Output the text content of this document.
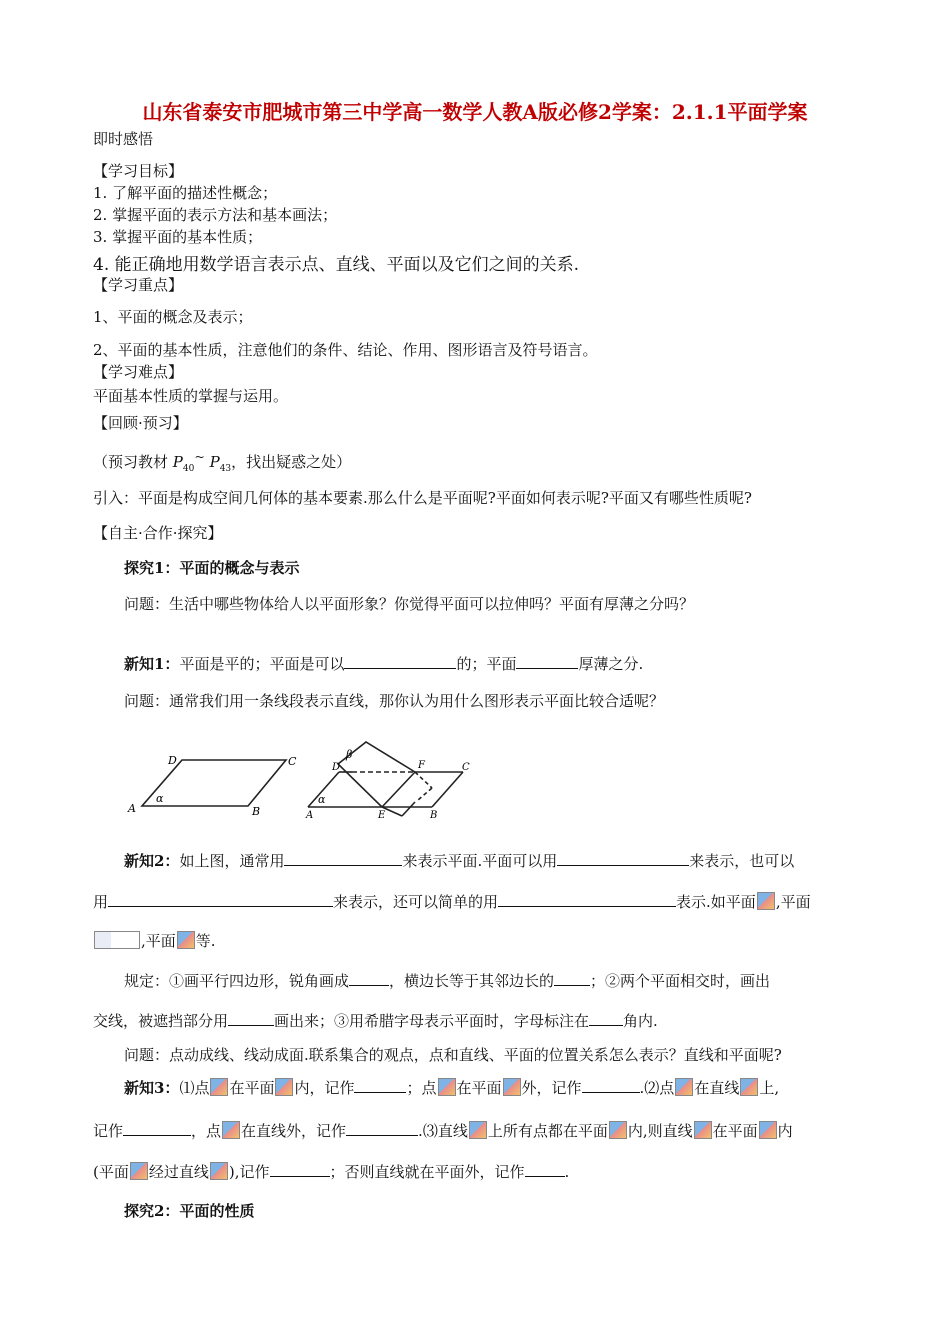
山东省泰安市肥城市第三中学高一数学人教A版必修2学案：2.1.1平面学案
即时感悟
【学习目标】
1. 了解平面的描述性概念；
2. 掌握平面的表示方法和基本画法；
3. 掌握平面的基本性质；
4. 能正确地用数学语言表示点、直线、平面以及它们之间的关系.
【学习重点】
1、平面的概念及表示；
2、平面的基本性质，注意他们的条件、结论、作用、图形语言及符号语言。
【学习难点】
平面基本性质的掌握与运用。
【回顾·预习】
（预习教材 $P_{40}^\sim$ $P_{43}$，找出疑惑之处）
引入：平面是构成空间几何体的基本要素.那么什么是平面呢?平面如何表示呢?平面又有哪些性质呢?
【自主·合作·探究】
探究1：平面的概念与表示
问题：生活中哪些物体给人以平面形象？你觉得平面可以拉伸吗？平面有厚薄之分吗？
新知1：平面是平的；平面是可以	的；平面	厚薄之分.
问题：通常我们用一条线段表示直线，那你认为用什么图形表示平面比较合适呢？
A	B
C
D
α
A	B
C
D
E
F
α
β
新知2：如上图，通常用	来表示平面.平面可以用	来表示，也可以
用	来表示，还可以简单的用	表示.如平面 ,平面
,平面 等.
规定：①画平行四边形，锐角画成	，横边长等于其邻边长的 ；②两个平面相交时，画出
交线，被遮挡部分用	画出来；③用希腊字母表示平面时，字母标注在 角内.
问题：点动成线、线动成面.联系集合的观点，点和直线、平面的位置关系怎么表示？直线和平面呢?
新知3：⑴点 在平面 内，记作	；点 在平面 外，记作	.⑵点 在直线 上,
记作	，点 在直线外，记作	.⑶直线 上所有点都在平面 内,则直线 在平面 内
(平面 经过直线 ),记作	；否则直线就在平面外，记作	.
探究2：平面的性质
